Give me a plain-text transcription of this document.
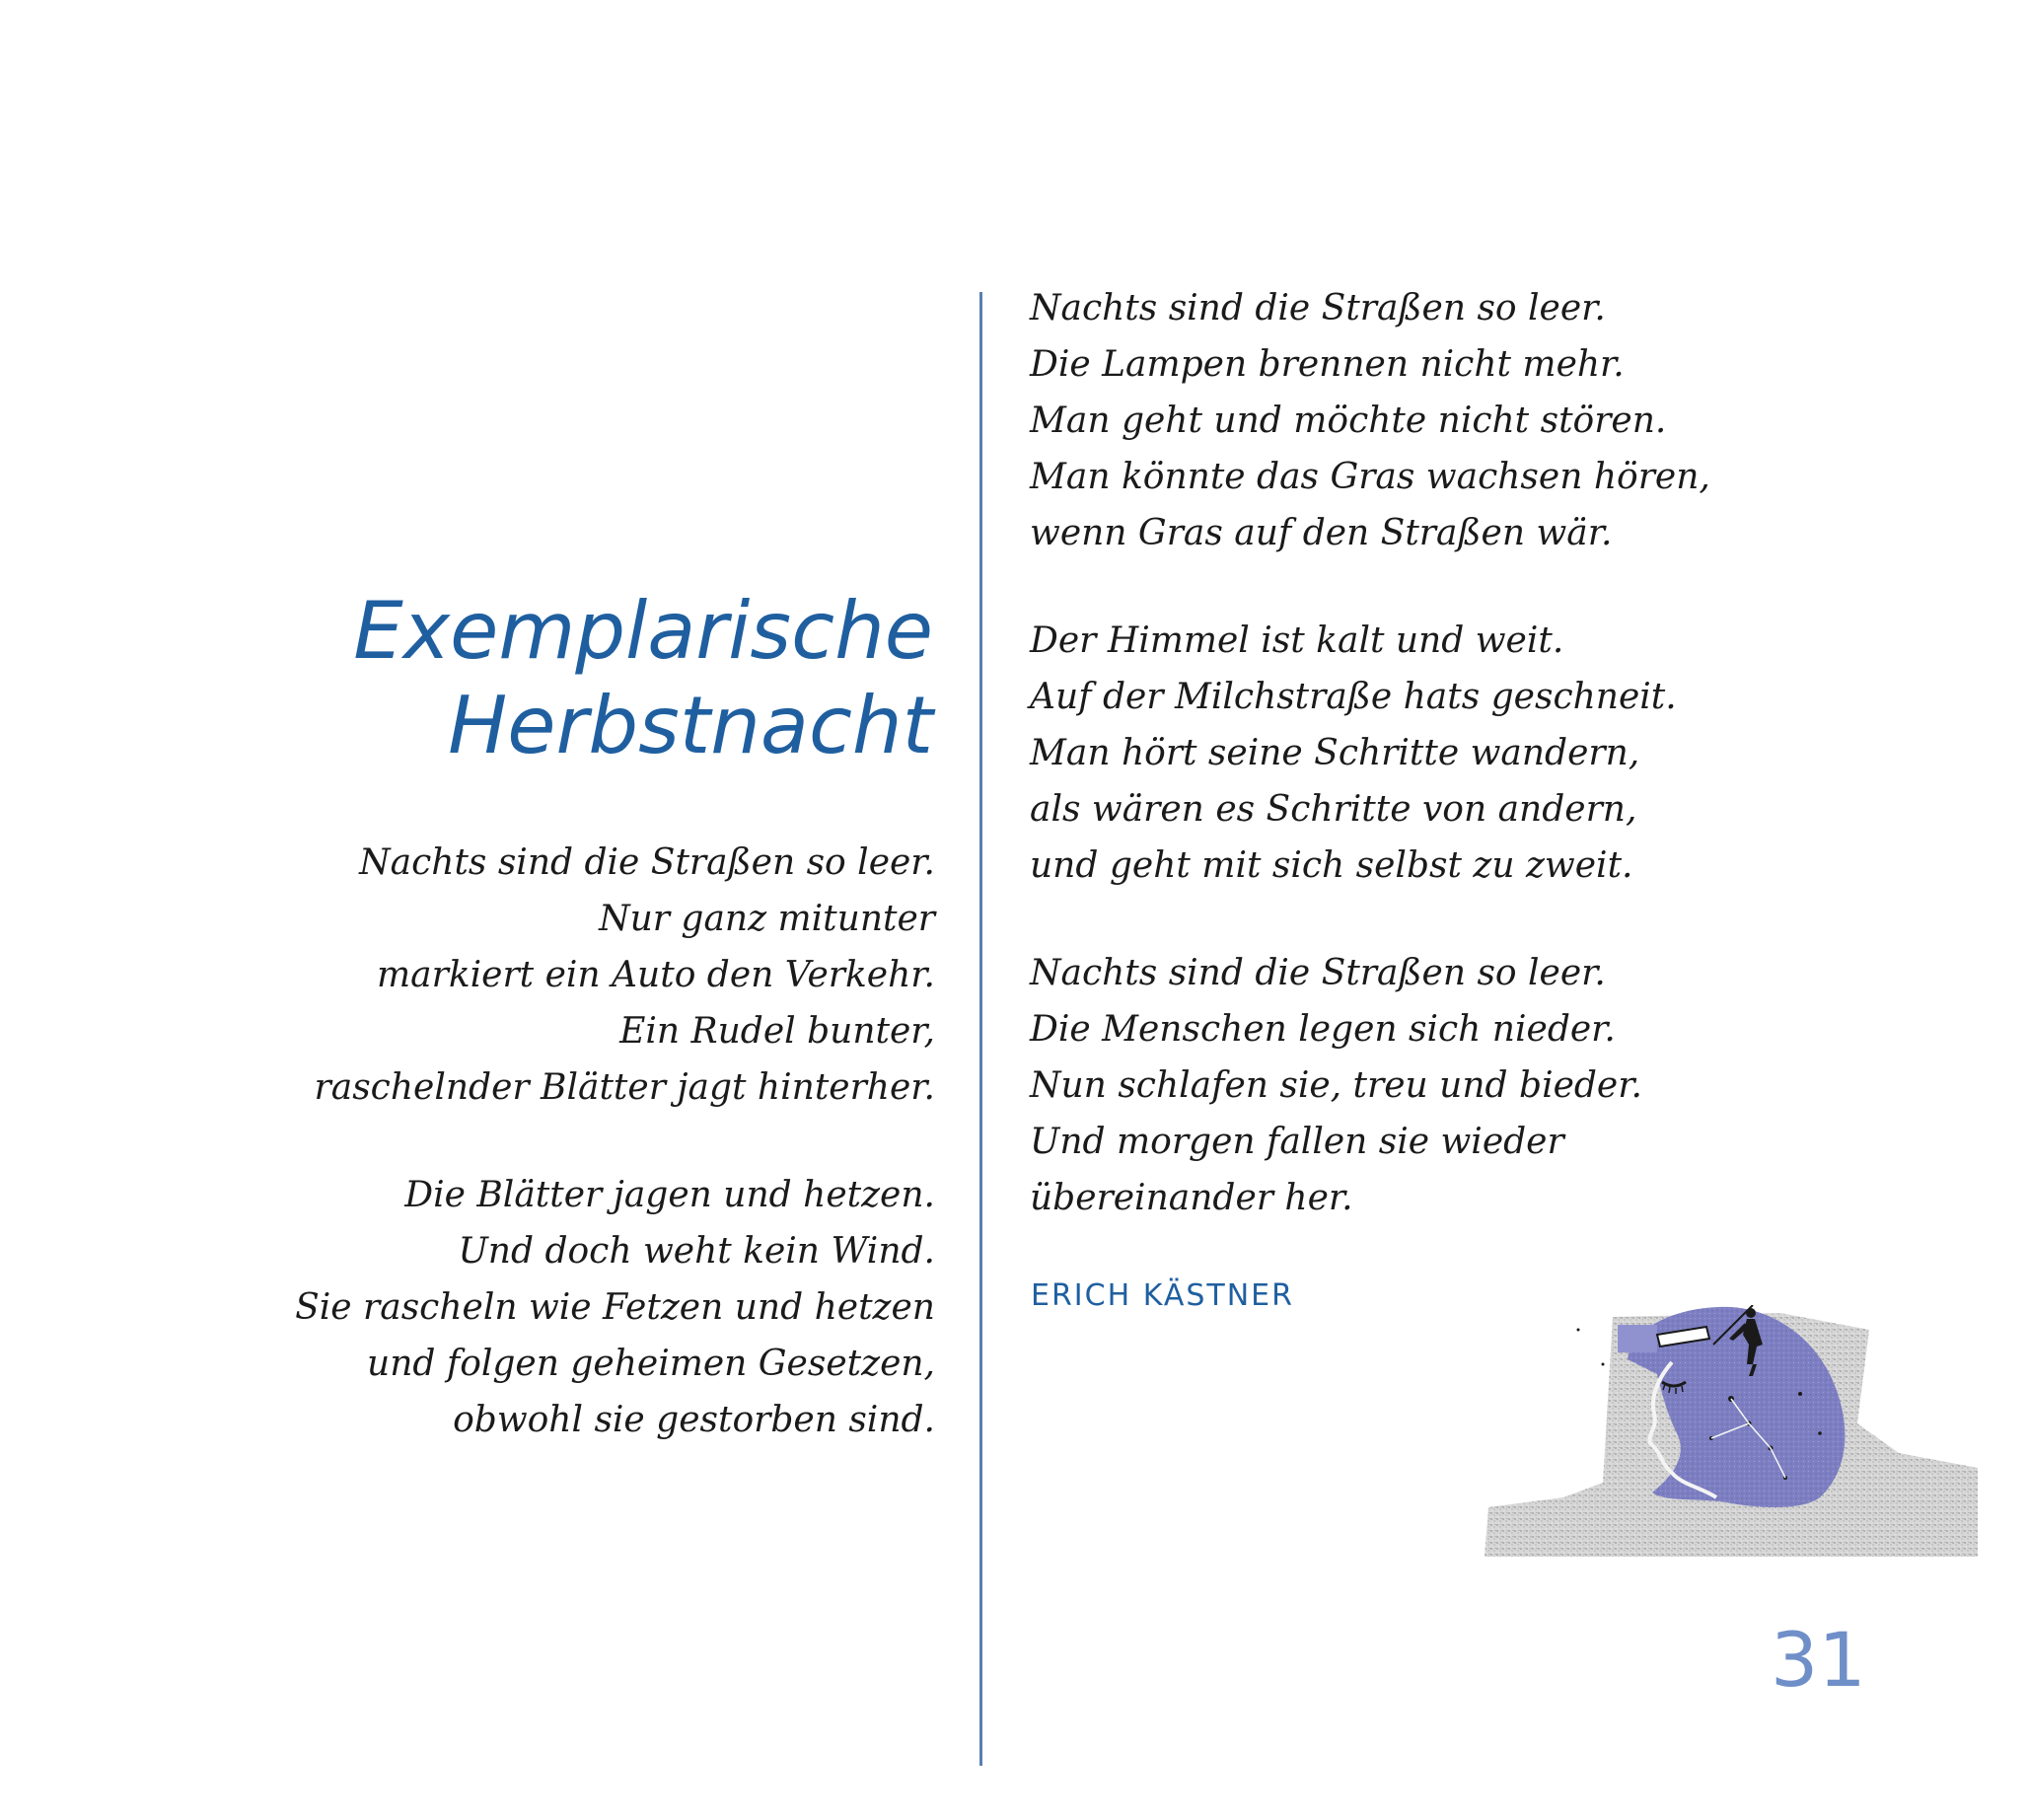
Exemplarische
Herbstnacht
Nachts sind die Straßen so leer.
Nur ganz mitunter
markiert ein Auto den Verkehr.
Ein Rudel bunter,
raschelnder Blätter jagt hinterher.
Die Blätter jagen und hetzen.
Und doch weht kein Wind.
Sie rascheln wie Fetzen und hetzen
und folgen geheimen Gesetzen,
obwohl sie gestorben sind.
Nachts sind die Straßen so leer.
Die Lampen brennen nicht mehr.
Man geht und möchte nicht stören.
Man könnte das Gras wachsen hören,
wenn Gras auf den Straßen wär.
Der Himmel ist kalt und weit.
Auf der Milchstraße hats geschneit.
Man hört seine Schritte wandern,
als wären es Schritte von andern,
und geht mit sich selbst zu zweit.
Nachts sind die Straßen so leer.
Die Menschen legen sich nieder.
Nun schlafen sie, treu und bieder.
Und morgen fallen sie wieder
übereinander her.
ERICH KÄSTNER
31
